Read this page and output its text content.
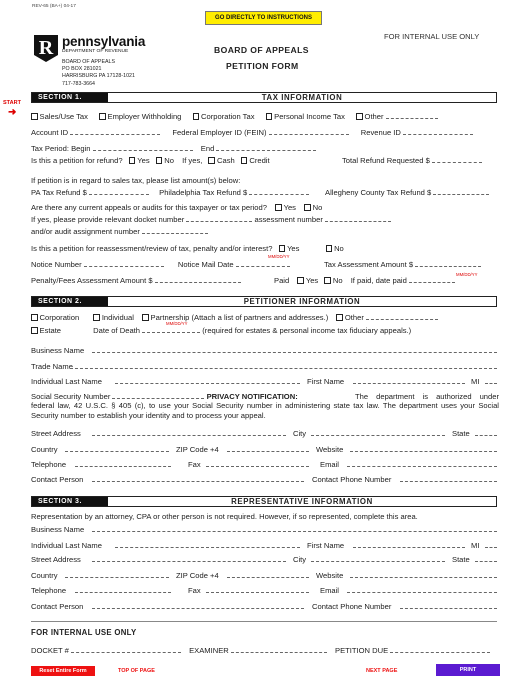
REV-65 (BA+) 04-17
GO DIRECTLY TO INSTRUCTIONS
FOR INTERNAL USE ONLY
R pennsylvania
DEPARTMENT OF REVENUE
BOARD OF APPEALS
PO BOX 281021
HARRISBURG PA 17128-1021
717-783-3664
BOARD OF APPEALS
PETITION FORM
START
➜
SECTION 1.	TAX INFORMATION
Sales/Use Tax	Employer Withholding	Corporation Tax	Personal Income Tax	Other
Account ID	Federal Employer ID (FEIN)	Revenue ID
Tax Period: Begin	End
Is this a petition for refund? Yes No If yes, Cash Credit	Total Refund Requested $
If petition is in regard to sales tax, please list amount(s) below:
PA Tax Refund $	Philadelphia Tax Refund $	Allegheny County Tax Refund $
Are there any current appeals or audits for this taxpayer or tax period? Yes No
If yes, please provide relevant docket number	assessment number
and/or audit assignment number
Is this a petition for reassessment/review of tax, penalty and/or interest? Yes	No
MM/DD/YY
Notice Number	Notice Mail Date	Tax Assessment Amount $
MM/DD/YY
Penalty/Fees Assessment Amount $	Paid Yes No If paid, date paid
SECTION 2.	PETITIONER INFORMATION
Corporation	Individual Partnership (Attach a list of partners and addresses.) Other
MM/DD/YY
Estate	Date of Death	(required for estates & personal income tax fiduciary appeals.)
Business Name
Trade Name
Individual Last Name	First Name	MI
Social Security Number	PRIVACY NOTIFICATION:	The department is authorized under federal law, 42 U.S.C. § 405 (c), to use your Social Security number in administering state tax law. The department uses your Social Security number to establish your identity and to process your appeal.
Street Address	City	State
Country	ZIP Code +4	Website
Telephone	Fax	Email
Contact Person	Contact Phone Number
SECTION 3.	REPRESENTATIVE INFORMATION
Representation by an attorney, CPA or other person is not required. However, if so represented, complete this area.
Business Name
Individual Last Name	First Name	MI
Street Address	City	State
Country	ZIP Code +4	Website
Telephone	Fax	Email
Contact Person	Contact Phone Number
FOR INTERNAL USE ONLY
DOCKET #	EXAMINER	PETITION DUE
Reset Entire Form	TOP OF PAGE	NEXT PAGE	PRINT
